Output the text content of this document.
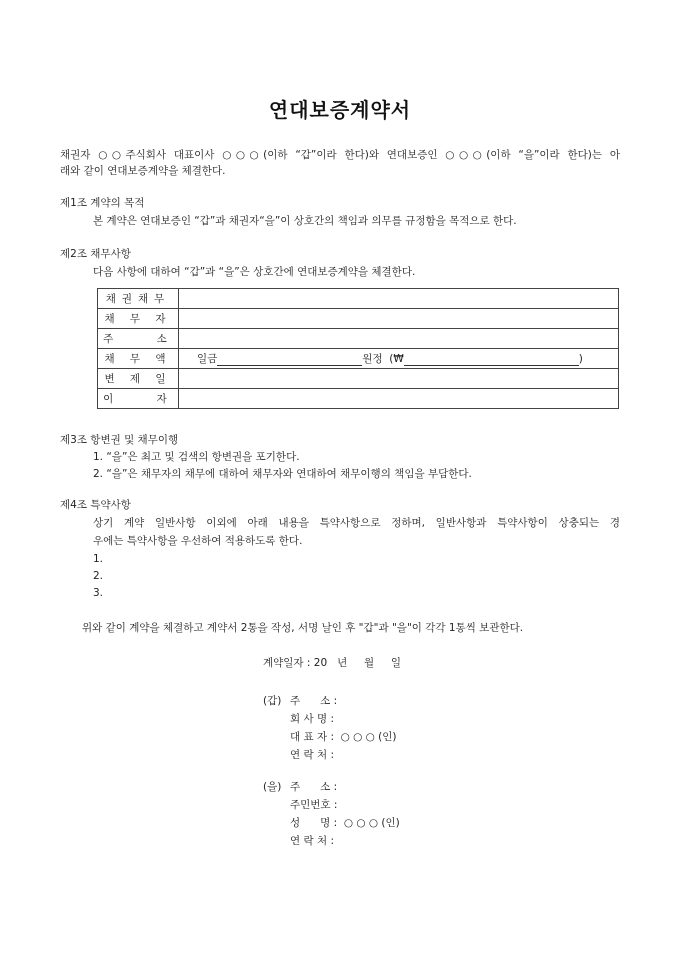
연대보증계약서
채권자 ○○주식회사 대표이사 ○○○(이하 “갑”이라 한다)와 연대보증인 ○○○(이하 “을”이라 한다)는 아
래와 같이 연대보증계약을 체결한다.
제1조 계약의 목적
본 계약은 연대보증인 “갑”과 채권자“을”이 상호간의 책임과 의무를 규정함을 목적으로 한다.
제2조 채무사항
다음 사항에 대하여 “갑”과 “을”은 상호간에 연대보증계약을 체결한다.
채권채무	
채 무 자	
주    소	
채 무 액	일금 원정  (₩ )
변 제 일	
이    자	
제3조 항변권 및 채무이행
1. “을”은 최고 및 검색의 항변권을 포기한다.
2. “을”은 채무자의 채무에 대하여 채무자와 연대하여 채무이행의 책임을 부담한다.
제4조 특약사항
상기 계약 일반사항 이외에 아래 내용을 특약사항으로 정하며, 일반사항과 특약사항이 상충되는 경
우에는 특약사항을 우선하여 적용하도록 한다.
1.
2.
3.
위와 같이 계약을 체결하고 계약서 2통을 작성, 서명 날인 후 "갑"과 "을"이 각각 1통씩 보관한다.
계약일자 : 20   년     월     일
(갑) 주      소 :
회 사 명 :
대 표 자 :  ○ ○ ○ (인)
연 락 처 :
(을) 주      소 :
주민번호 :
성      명 :  ○ ○ ○ (인)
연 락 처 :
